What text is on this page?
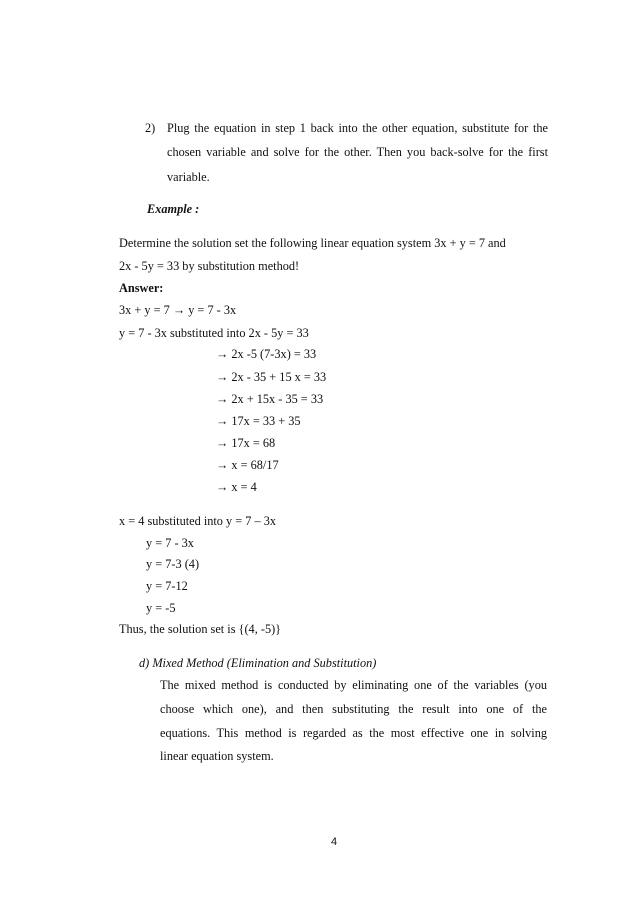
2) Plug the equation in step 1 back into the other equation, substitute for the
chosen variable and solve for the other. Then you back-solve for the first
variable.
Example :
Determine the solution set the following linear equation system 3x + y = 7 and
2x - 5y = 33 by substitution method!
Answer:
3x + y = 7 → y = 7 - 3x
y = 7 - 3x substituted into 2x - 5y = 33
→ 2x -5 (7-3x) = 33
→ 2x - 35 + 15 x = 33
→ 2x + 15x - 35 = 33
→ 17x = 33 + 35
→ 17x = 68
→ x = 68/17
→ x = 4
x = 4 substituted into y = 7 – 3x
y = 7 - 3x
y = 7-3 (4)
y = 7-12
y = -5
Thus, the solution set is {(4, -5)}
d) Mixed Method (Elimination and Substitution)
The mixed method is conducted by eliminating one of the variables (you
choose which one), and then substituting the result into one of the
equations. This method is regarded as the most effective one in solving
linear equation system.
4
